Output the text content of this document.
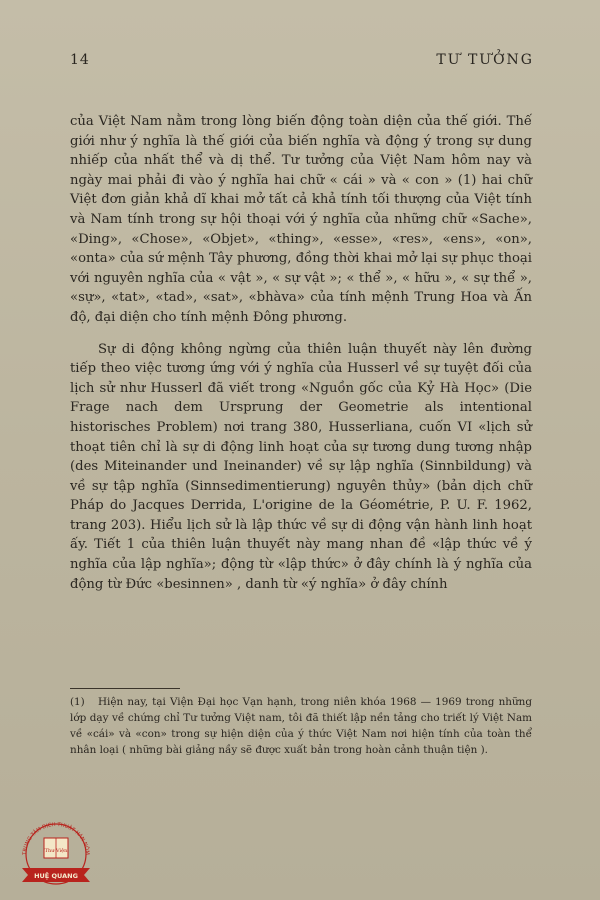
14	TƯ TƯỞNG

của Việt Nam nằm trong lòng biến động toàn diện của thế giới. Thế giới như ý nghĩa là thế giới của biến nghĩa và động ý trong sự dung nhiếp của nhất thể và dị thể. Tư tưởng của Việt Nam hôm nay và ngày mai phải đi vào ý nghĩa hai chữ « cái » và « con » (1) hai chữ Việt đơn giản khả dĩ khai mở tất cả khả tính tối thượng của Việt tính và Nam tính trong sự hội thoại với ý nghĩa của những chữ «Sache», «Ding», «Chose», «Objet», «thing», «esse», «res», «ens», «on», «onta» của sứ mệnh Tây phương, đồng thời khai mở lại sự phục thoại với nguyên nghĩa của « vật », « sự vật »; « thể », « hữu », « sự thể », «sự», «tat», «tad», «sat», «bhàva» của tính mệnh Trung Hoa và Ấn độ, đại diện cho tính mệnh Đông phương.

Sự di động không ngừng của thiên luận thuyết này lên đường tiếp theo việc tương ứng với ý nghĩa của Husserl về sự tuyệt đối của lịch sử như Husserl đã viết trong «Nguồn gốc của Kỷ Hà Học» (Die Frage nach dem Ursprung der Geometrie als intentional historisches Problem) nơi trang 380, Husserliana, cuốn VI «lịch sử thoạt tiên chỉ là sự di động linh hoạt của sự tương dung tương nhập (des Miteinander und Ineinander) về sự lập nghĩa (Sinnbildung) và về sự tập nghĩa (Sinnsedimentierung) nguyên thủy» (bản dịch chữ Pháp do Jacques Derrida, L'origine de la Géométrie, P. U. F. 1962, trang 203). Hiểu lịch sử là lập thức về sự di động vận hành linh hoạt ấy. Tiết 1 của thiên luận thuyết này mang nhan đề «lập thức về ý nghĩa của lập nghĩa»; động từ «lập thức» ở đây chính là ý nghĩa của động từ Đức «besinnen» , danh từ «ý nghĩa» ở đây chính

(1) Hiện nay, tại Viện Đại học Vạn hạnh, trong niên khóa 1968 — 1969 trong những lớp dạy về chứng chỉ Tư tưởng Việt nam, tôi đã thiết lập nền tảng cho triết lý Việt Nam về «cái» và «con» trong sự hiện diện của ý thức Việt Nam nơi hiện tính của toàn thể nhân loại ( những bài giảng nầy sẽ được xuất bản trong hoàn cảnh thuận tiện ).

TRUNG TÂM DỊCH THUẬT HÁN NÔM
Thư Viện
HUỆ QUANG
